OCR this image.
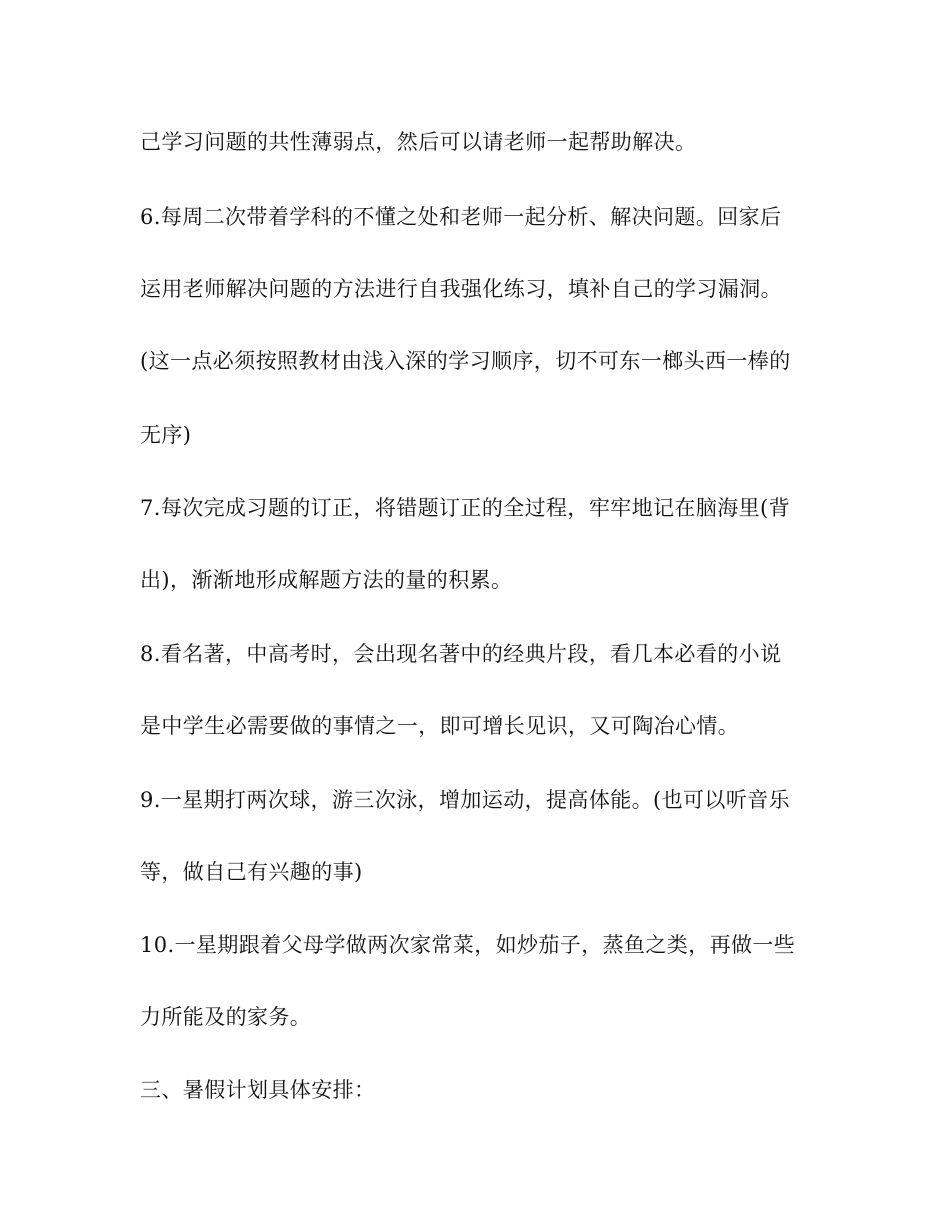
己学习问题的共性薄弱点，然后可以请老师一起帮助解决。
6.每周二次带着学科的不懂之处和老师一起分析、解决问题。回家后
运用老师解决问题的方法进行自我强化练习，填补自己的学习漏洞。
(这一点必须按照教材由浅入深的学习顺序，切不可东一榔头西一棒的
无序)
7.每次完成习题的订正，将错题订正的全过程，牢牢地记在脑海里(背
出)，渐渐地形成解题方法的量的积累。
8.看名著，中高考时，会出现名著中的经典片段，看几本必看的小说
是中学生必需要做的事情之一，即可增长见识，又可陶冶心情。
9.一星期打两次球，游三次泳，增加运动，提高体能。(也可以听音乐
等，做自己有兴趣的事)
10.一星期跟着父母学做两次家常菜，如炒茄子，蒸鱼之类，再做一些
力所能及的家务。
三、暑假计划具体安排：
